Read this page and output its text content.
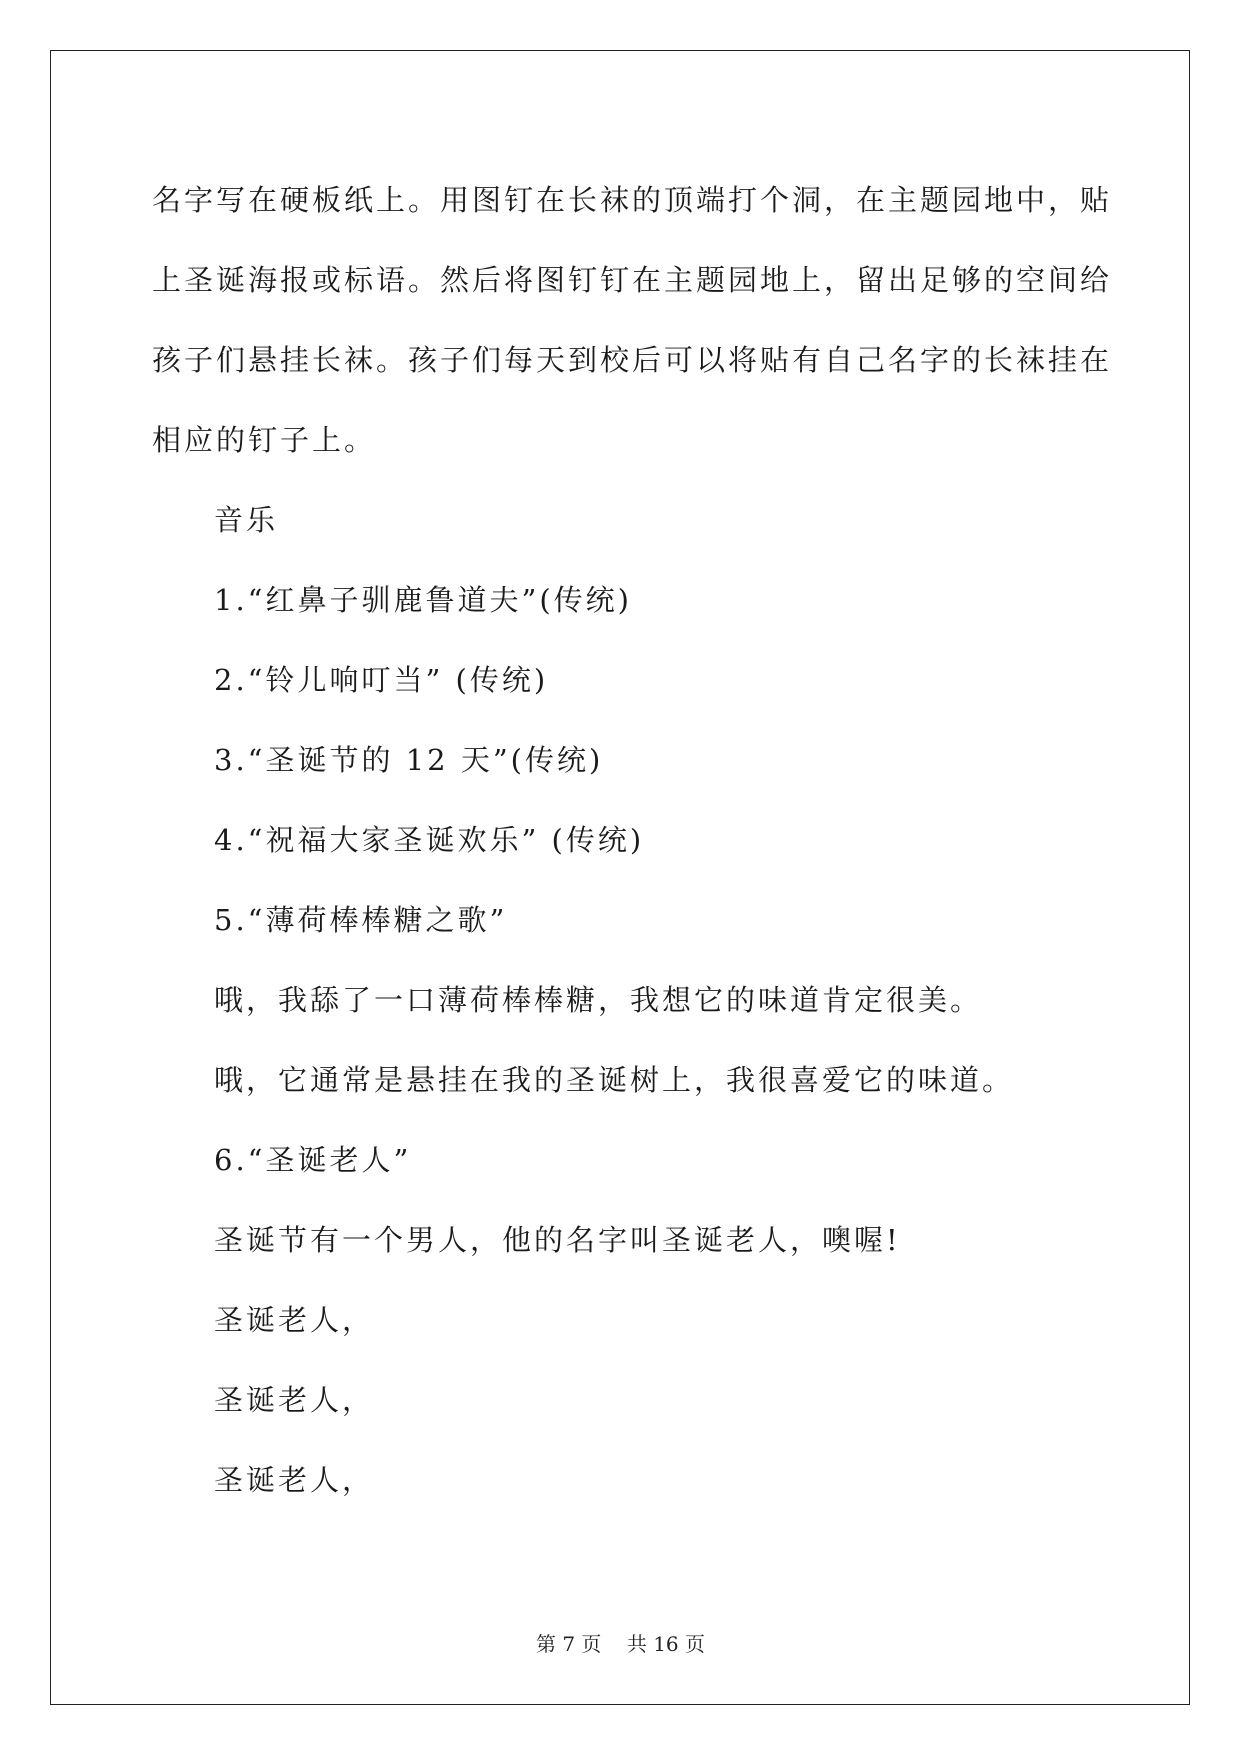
名字写在硬板纸上。用图钉在长袜的顶端打个洞，在主题园地中，贴
上圣诞海报或标语。然后将图钉钉在主题园地上，留出足够的空间给
孩子们悬挂长袜。孩子们每天到校后可以将贴有自己名字的长袜挂在
相应的钉子上。
音乐
1.“红鼻子驯鹿鲁道夫”(传统)
2.“铃儿响叮当” (传统)
3.“圣诞节的 12 天”(传统)
4.“祝福大家圣诞欢乐” (传统)
5.“薄荷棒棒糖之歌”
哦，我舔了一口薄荷棒棒糖，我想它的味道肯定很美。
哦，它通常是悬挂在我的圣诞树上，我很喜爱它的味道。
6.“圣诞老人”
圣诞节有一个男人，他的名字叫圣诞老人，噢喔!
圣诞老人，
圣诞老人，
圣诞老人，
第 7 页    共 16 页
